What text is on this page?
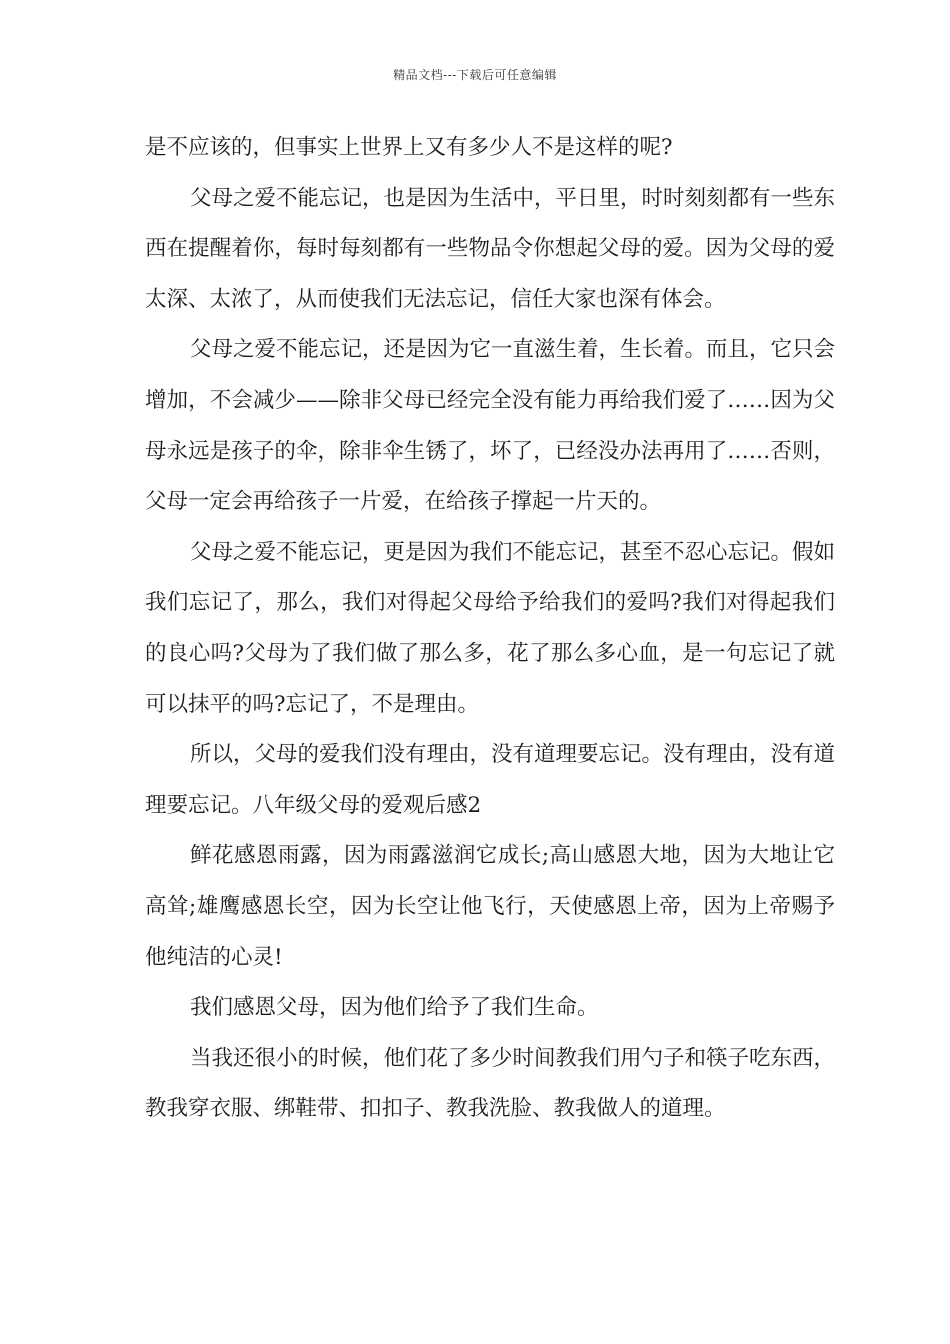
精品文档---下载后可任意编辑

是不应该的，但事实上世界上又有多少人不是这样的呢?

父母之爱不能忘记，也是因为生活中，平日里，时时刻刻都有一些东西在提醒着你，每时每刻都有一些物品令你想起父母的爱。因为父母的爱太深、太浓了，从而使我们无法忘记，信任大家也深有体会。

父母之爱不能忘记，还是因为它一直滋生着，生长着。而且，它只会增加，不会减少——除非父母已经完全没有能力再给我们爱了……因为父母永远是孩子的伞，除非伞生锈了，坏了，已经没办法再用了……否则，父母一定会再给孩子一片爱，在给孩子撑起一片天的。

父母之爱不能忘记，更是因为我们不能忘记，甚至不忍心忘记。假如我们忘记了，那么，我们对得起父母给予给我们的爱吗?我们对得起我们的良心吗?父母为了我们做了那么多，花了那么多心血，是一句忘记了就可以抹平的吗?忘记了，不是理由。

所以，父母的爱我们没有理由，没有道理要忘记。没有理由，没有道理要忘记。八年级父母的爱观后感2

鲜花感恩雨露，因为雨露滋润它成长;高山感恩大地，因为大地让它高耸;雄鹰感恩长空，因为长空让他飞行，天使感恩上帝，因为上帝赐予他纯洁的心灵!

我们感恩父母，因为他们给予了我们生命。

当我还很小的时候，他们花了多少时间教我们用勺子和筷子吃东西，教我穿衣服、绑鞋带、扣扣子、教我洗脸、教我做人的道理。
